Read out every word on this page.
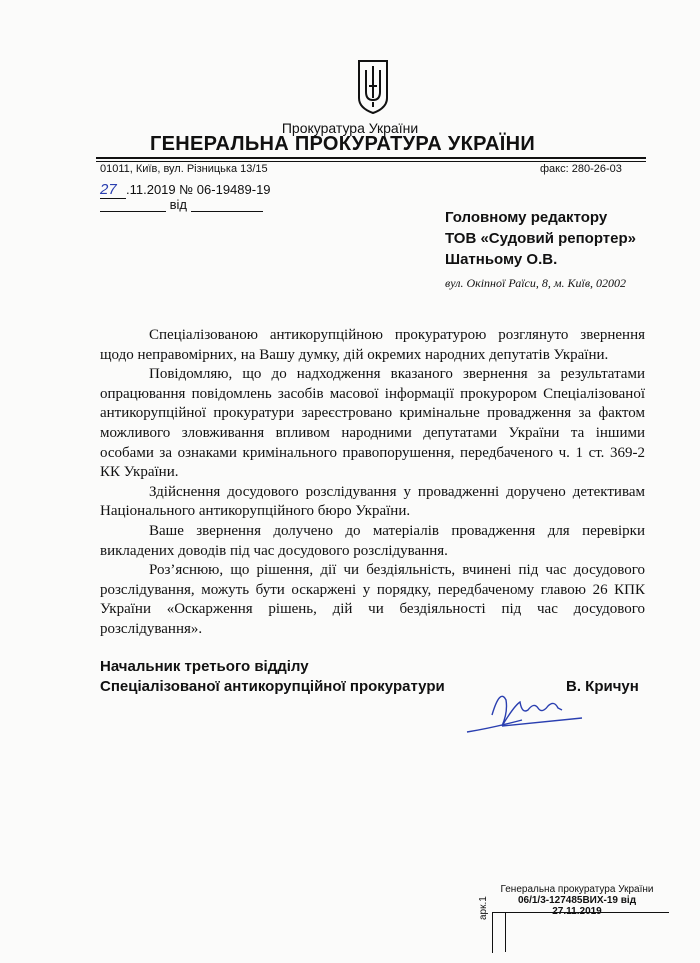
Прокуратура України
ГЕНЕРАЛЬНА ПРОКУРАТУРА УКРАЇНИ
01011, Київ, вул. Різницька 13/15	факс: 280-26-03
27 .11.2019 № 06-19489-19
від
Головному редактору
ТОВ «Судовий репортер»
Шатньому О.В.
вул. Окіпної Раїси, 8, м. Київ, 02002

Спеціалізованою антикорупційною прокуратурою розглянуто звернення щодо неправомірних, на Вашу думку, дій окремих народних депутатів України.

Повідомляю, що до надходження вказаного звернення за результатами опрацювання повідомлень засобів масової інформації прокурором Спеціалізованої антикорупційної прокуратури зареєстровано кримінальне провадження за фактом можливого зловживання впливом народними депутатами України та іншими особами за ознаками кримінального правопорушення, передбаченого ч. 1 ст. 369-2 КК України.

Здійснення досудового розслідування у провадженні доручено детективам Національного антикорупційного бюро України.

Ваше звернення долучено до матеріалів провадження для перевірки викладених доводів під час досудового розслідування.

Роз’яснюю, що рішення, дії чи бездіяльність, вчинені під час досудового розслідування, можуть бути оскаржені у порядку, передбаченому главою 26 КПК України «Оскарження рішень, дій чи бездіяльності під час досудового розслідування».

Начальник третього відділу
Спеціалізованої антикорупційної прокуратури	В. Кричун
Генеральна прокуратура України
06/1/3-127485ВИХ-19 від
27.11.2019
арк.1
